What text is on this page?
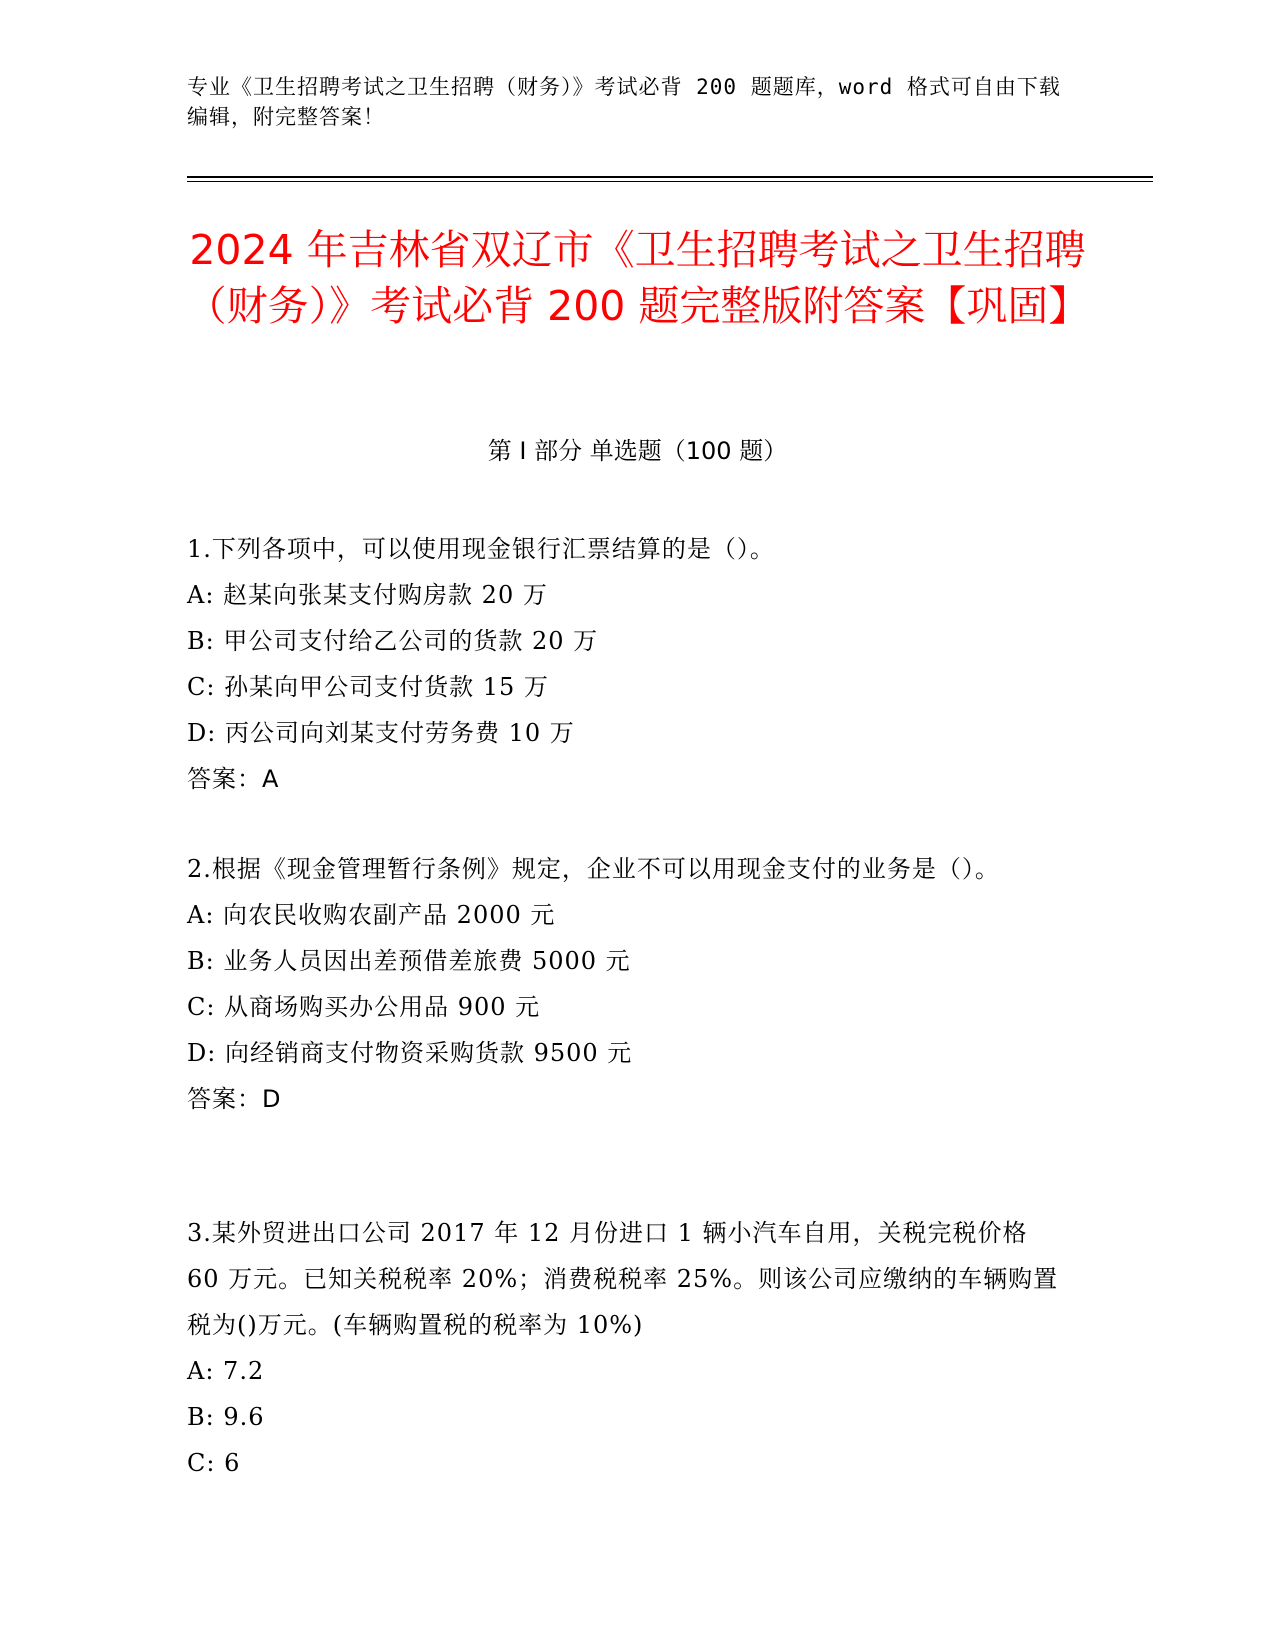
专业《卫生招聘考试之卫生招聘（财务）》考试必背 200 题题库，word 格式可自由下载编辑，附完整答案！
2024 年吉林省双辽市《卫生招聘考试之卫生招聘（财务）》考试必背 200 题完整版附答案【巩固】
第 I 部分 单选题（100 题）

1.下列各项中，可以使用现金银行汇票结算的是（）。

A: 赵某向张某支付购房款 20 万

B: 甲公司支付给乙公司的货款 20 万

C: 孙某向甲公司支付货款 15 万

D: 丙公司向刘某支付劳务费 10 万

答案：A

2.根据《现金管理暂行条例》规定，企业不可以用现金支付的业务是（）。

A: 向农民收购农副产品 2000 元

B: 业务人员因出差预借差旅费 5000 元

C: 从商场购买办公用品 900 元

D: 向经销商支付物资采购货款 9500 元

答案：D

3.某外贸进出口公司 2017 年 12 月份进口 1 辆小汽车自用，关税完税价格 60 万元。已知关税税率 20%；消费税税率 25%。则该公司应缴纳的车辆购置税为()万元。(车辆购置税的税率为 10%)

A: 7.2

B: 9.6

C: 6
